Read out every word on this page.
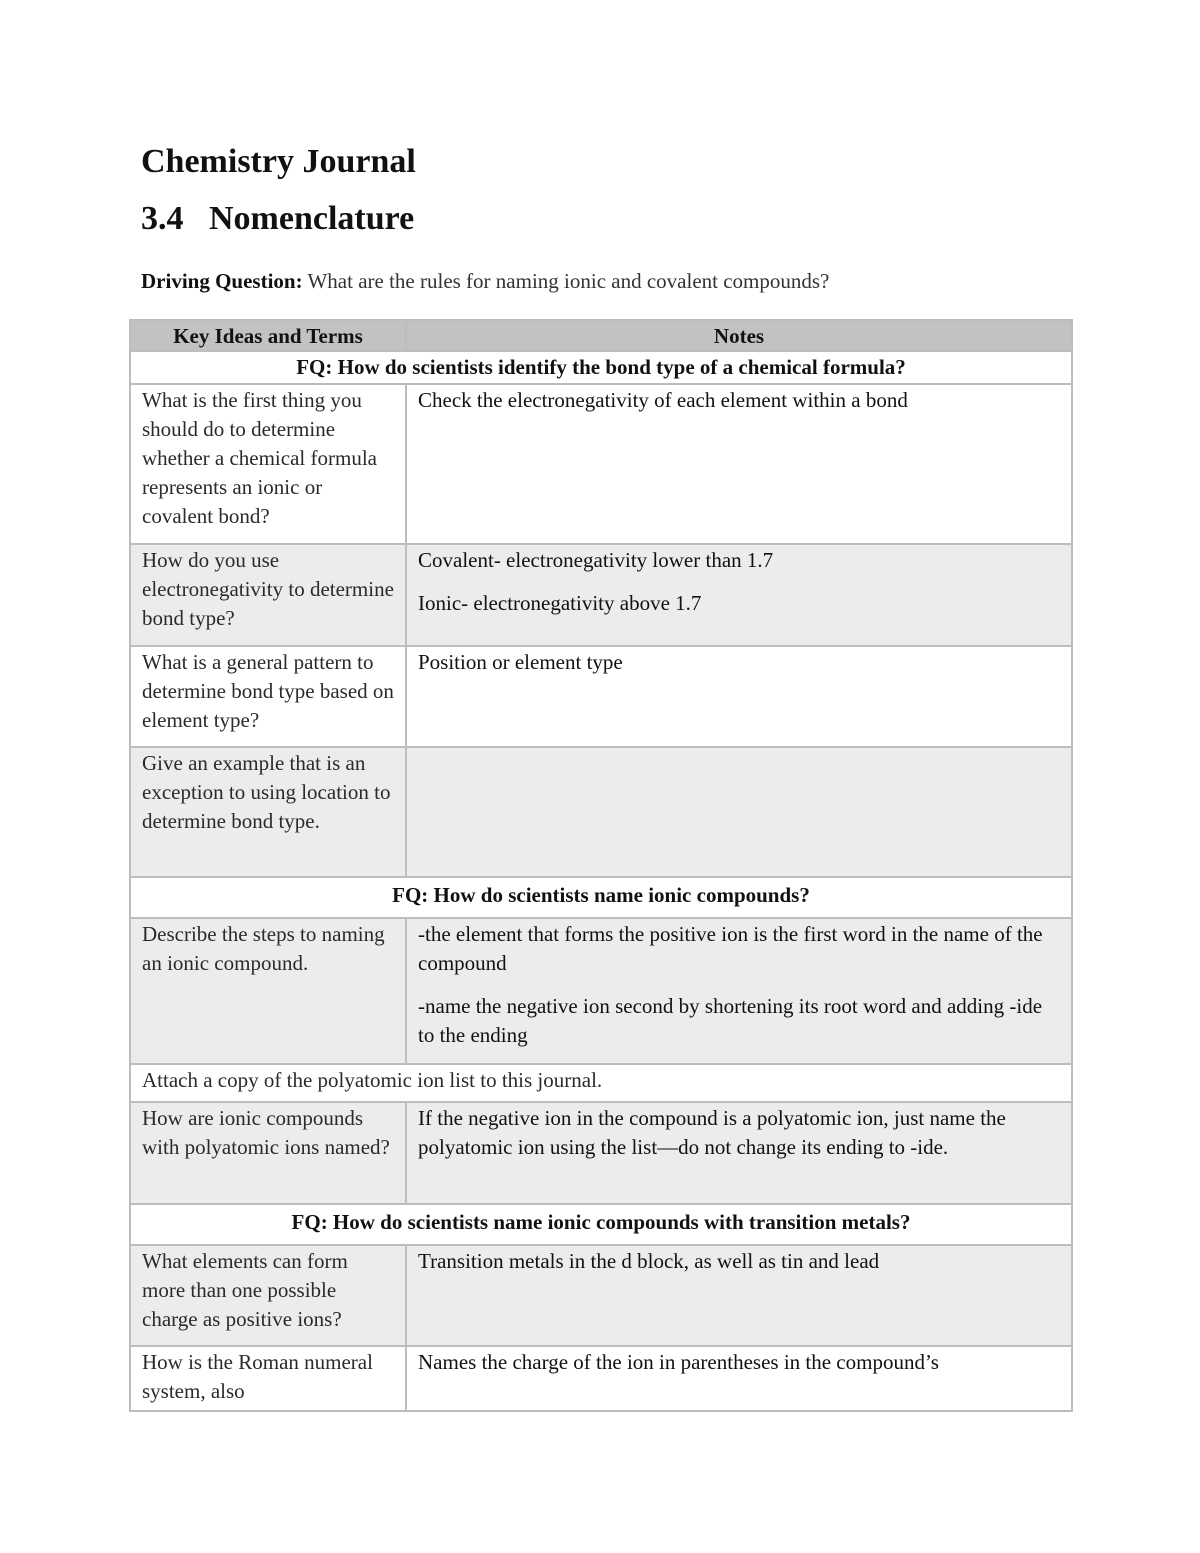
Chemistry Journal
3.4 Nomenclature

Driving Question: What are the rules for naming ionic and covalent compounds?

Key Ideas and Terms	Notes
FQ: How do scientists identify the bond type of a chemical formula?	
What is the first thing you should do to determine whether a chemical formula represents an ionic or covalent bond?	Check the electronegativity of each element within a bond

How do you use electronegativity to determine bond type?	Covalent- electronegativity lower than 1.7

Ionic- electronegativity above 1.7

What is a general pattern to determine bond type based on element type?	Position or element type

Give an example that is an exception to using location to determine bond type.	
FQ: How do scientists name ionic compounds?	
Describe the steps to naming an ionic compound.	-the element that forms the positive ion is the first word in the name of the compound

-name the negative ion second by shortening its root word and adding -ide to the ending

Attach a copy of the polyatomic ion list to this journal.	
How are ionic compounds with polyatomic ions named?	If the negative ion in the compound is a polyatomic ion, just name the polyatomic ion using the list—do not change its ending to -ide.

FQ: How do scientists name ionic compounds with transition metals?	
What elements can form more than one possible charge as positive ions?	Transition metals in the d block, as well as tin and lead

How is the Roman numeral system, also	Names the charge of the ion in parentheses in the compound’s
